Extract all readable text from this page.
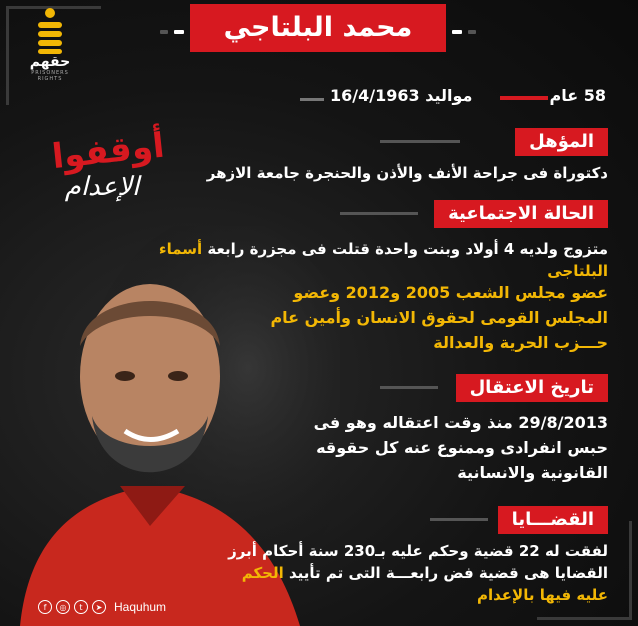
حقهم
PRISONERS RIGHTS
محمد البلتاجي
58 عام
مواليد 16/4/1963
أوقفوا
الإعدام
المؤهل
دكتوراة فى جراحة الأنف والأذن والحنجرة جامعة الازهر
الحالة الاجتماعية
متزوج ولديه 4 أولاد وبنت واحدة قتلت فى مجزرة رابعة أسماء البلتاجى
عضو مجلس الشعب 2005 و2012 وعضو المجلس القومى لحقوق الانسان وأمين عام حـــزب الحرية والعدالة
تاريخ الاعتقال
29/8/2013 منذ وقت اعتقاله وهو فى حبس انفرادى وممنوع عنه كل حقوقه القانونية والانسانية
القضـــايا
لفقت له 22 قضية وحكم عليه بـ230 سنة أحكام أبرز القضايا هى قضية فض رابعـــة التى تم تأييد الحكم عليه فيها بالإعدام
f	◎	t	➤ Haquhum
